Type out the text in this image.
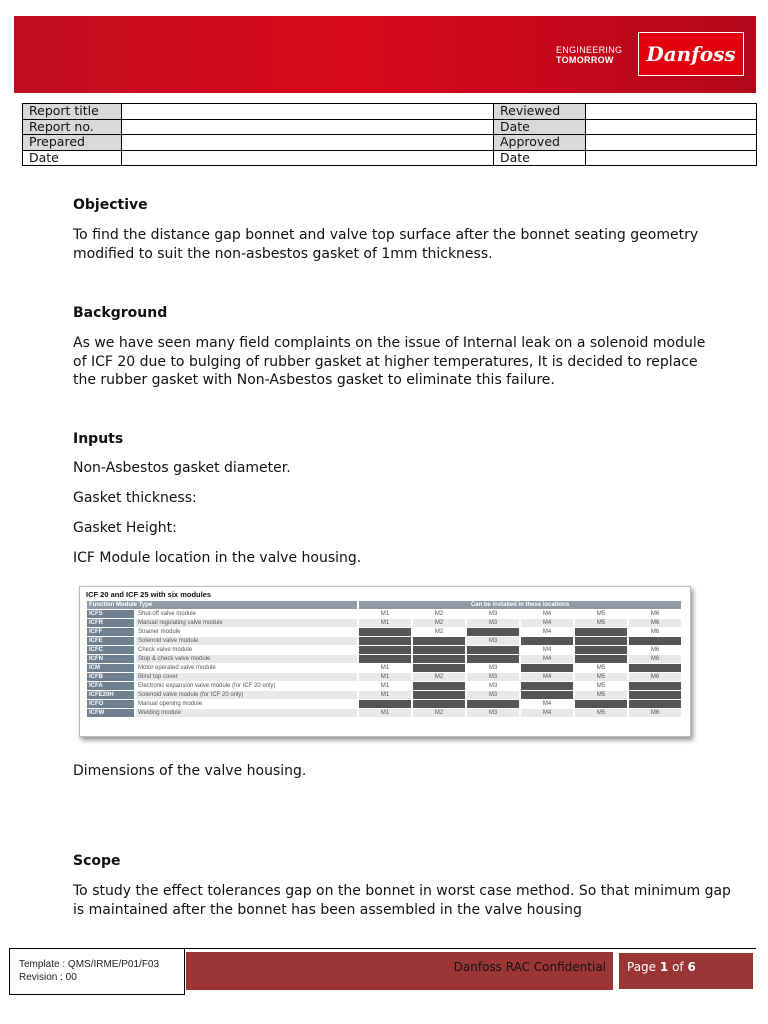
ENGINEERING
TOMORROW	Danfoss
Report title		Reviewed	
Report no.		Date	
Prepared		Approved	
Date		Date	

Objective

To find the distance gap bonnet and valve top surface after the bonnet seating geometry modified to suit the non-asbestos gasket of 1mm thickness.

Background

As we have seen many field complaints on the issue of Internal leak on a solenoid module of ICF 20 due to bulging of rubber gasket at higher temperatures, It is decided to replace the rubber gasket with Non-Asbestos gasket to eliminate this failure.

Inputs

Non-Asbestos gasket diameter.

Gasket thickness:

Gasket Height:

ICF Module location in the valve housing.

ICF 20 and ICF 25 with six modules
Function Module Type		Can be installed in these locations					
ICFS	Shut-off valve module	M1	M2	M3	M4	M5	M6
ICFR	Manual regulating valve module	M1	M2	M3	M4	M5	M6
ICFF	Strainer module		M2		M4		M6
ICFE	Solenoid valve module			M3			
ICFC	Check valve module				M4		M6
ICFN	Stop & check valve module				M4		M6
ICM	Motor operated valve module	M1		M3		M5	
ICFB	Blind top cover	M1	M2	M3	M4	M5	M6
ICFA	Electronic expansion valve module (for ICF 20 only)	M1		M3		M5	
ICFE20H	Solenoid valve module (for ICF 20 only)	M1		M3		M5	
ICFO	Manual opening module				M4		
ICFW	Welding module	M1	M2	M3	M4	M5	M6

Dimensions of the valve housing.

Scope

To study the effect tolerances gap on the bonnet in worst case method. So that minimum gap is maintained after the bonnet has been assembled in the valve housing

Template : QMS/IRME/P01/F03
Revision : 00
Danfoss RAC Confidential	Page 1 of 6
